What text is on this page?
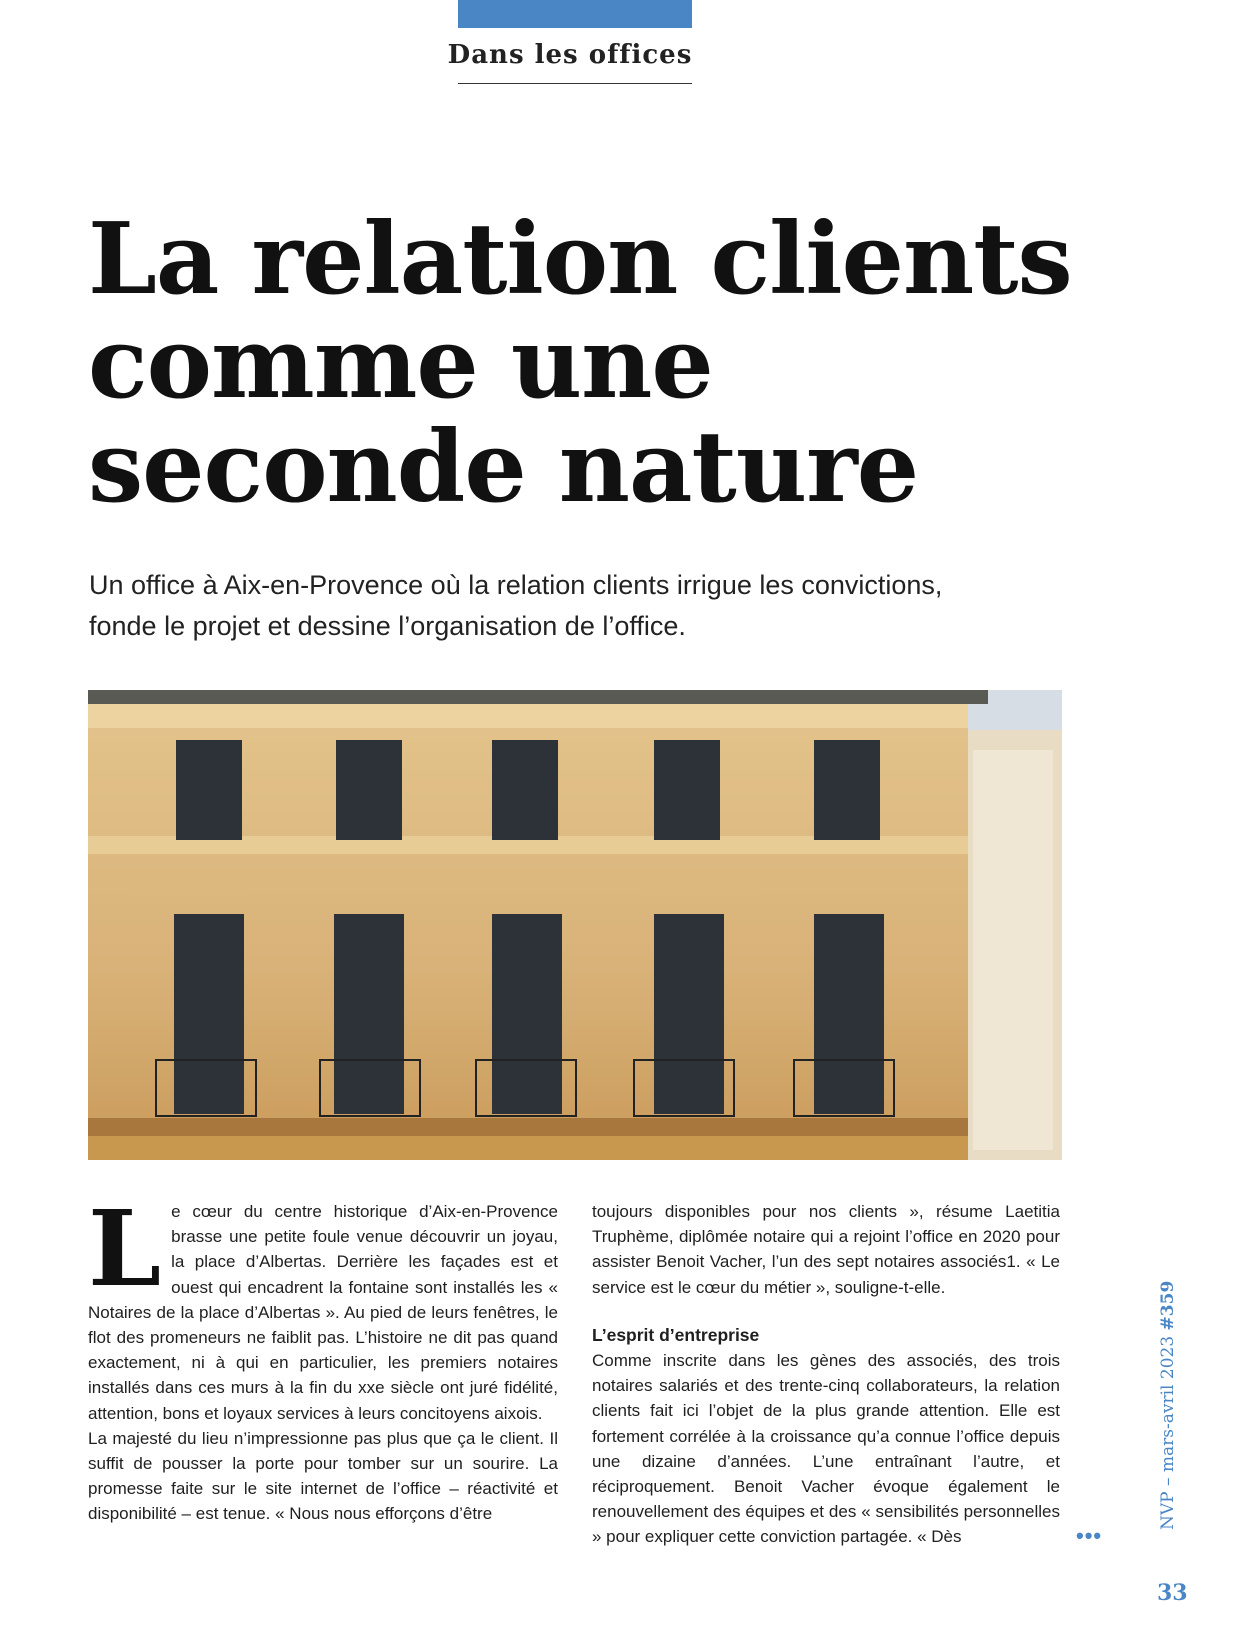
Dans les offices
La relation clients
comme une
seconde nature
Un office à Aix-en-Provence où la relation clients irrigue les convictions,
fonde le projet et dessine l’organisation de l’office.
L e cœur du centre historique d’Aix-en-Provence brasse une petite foule venue découvrir un joyau, la place d’Albertas. Derrière les façades est et ouest qui encadrent la fontaine sont installés les « Notaires de la place d’Albertas ». Au pied de leurs fenêtres, le flot des promeneurs ne faiblit pas. L’histoire ne dit pas quand exactement, ni à qui en particulier, les premiers notaires installés dans ces murs à la fin du xxe siècle ont juré fidélité, attention, bons et loyaux services à leurs concitoyens aixois.

La majesté du lieu n’impressionne pas plus que ça le client. Il suffit de pousser la porte pour tomber sur un sourire. La promesse faite sur le site internet de l’office – réactivité et disponibilité – est tenue. « Nous nous efforçons d’être

toujours disponibles pour nos clients », résume Laetitia Truphème, diplômée notaire qui a rejoint l’office en 2020 pour assister Benoit Vacher, l’un des sept notaires associés1. « Le service est le cœur du métier », souligne-t-elle.

L’esprit d’entreprise

Comme inscrite dans les gènes des associés, des trois notaires salariés et des trente-cinq collaborateurs, la relation clients fait ici l’objet de la plus grande attention. Elle est fortement corrélée à la croissance qu’a connue l’office depuis une dizaine d’années. L’une entraînant l’autre, et réciproquement. Benoit Vacher évoque également le renouvellement des équipes et des « sensibilités personnelles » pour expliquer cette conviction partagée. « Dès	•••
NVP – mars-avril 2023 #359
33
